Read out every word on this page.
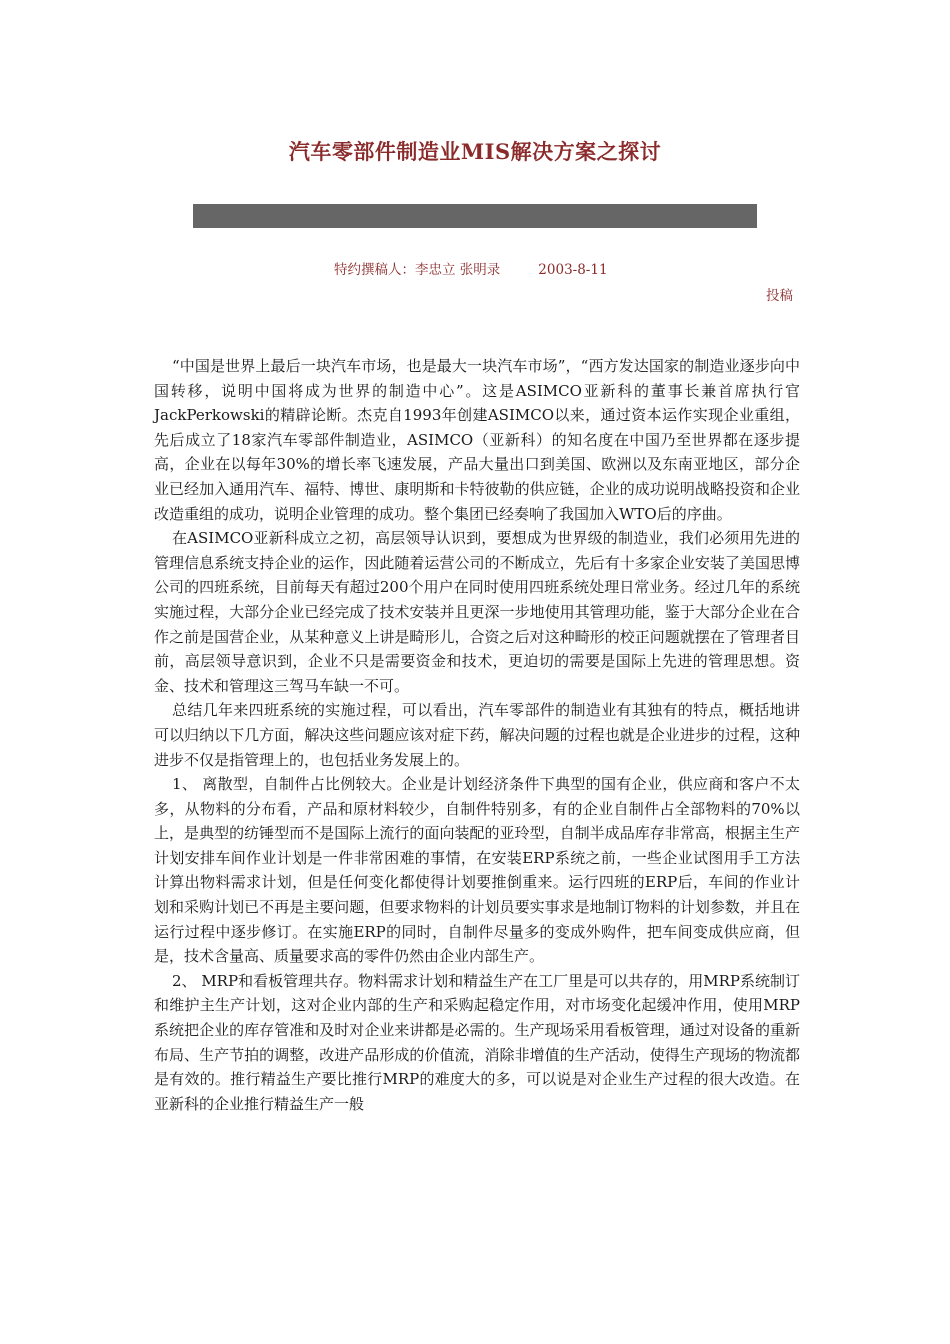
汽车零部件制造业MIS解决方案之探讨
特约撰稿人：李忠立 张明录	2003-8-11
投稿

“中国是世界上最后一块汽车市场，也是最大一块汽车市场”，“西方发达国家的制造业逐步向中国转移，说明中国将成为世界的制造中心”。这是ASIMCO亚新科的董事长兼首席执行官JackPerkowski的精辟论断。杰克自1993年创建ASIMCO以来，通过资本运作实现企业重组，先后成立了18家汽车零部件制造业，ASIMCO（亚新科）的知名度在中国乃至世界都在逐步提高，企业在以每年30%的增长率飞速发展，产品大量出口到美国、欧洲以及东南亚地区，部分企业已经加入通用汽车、福特、博世、康明斯和卡特彼勒的供应链，企业的成功说明战略投资和企业改造重组的成功，说明企业管理的成功。整个集团已经奏响了我国加入WTO后的序曲。

在ASIMCO亚新科成立之初，高层领导认识到，要想成为世界级的制造业，我们必须用先进的管理信息系统支持企业的运作，因此随着运营公司的不断成立，先后有十多家企业安装了美国思博公司的四班系统，目前每天有超过200个用户在同时使用四班系统处理日常业务。经过几年的系统实施过程，大部分企业已经完成了技术安装并且更深一步地使用其管理功能，鉴于大部分企业在合作之前是国营企业，从某种意义上讲是畸形儿，合资之后对这种畸形的校正问题就摆在了管理者目前，高层领导意识到，企业不只是需要资金和技术，更迫切的需要是国际上先进的管理思想。资金、技术和管理这三驾马车缺一不可。

总结几年来四班系统的实施过程，可以看出，汽车零部件的制造业有其独有的特点，概括地讲可以归纳以下几方面，解决这些问题应该对症下药，解决问题的过程也就是企业进步的过程，这种进步不仅是指管理上的，也包括业务发展上的。

1、 离散型，自制件占比例较大。企业是计划经济条件下典型的国有企业，供应商和客户不太多，从物料的分布看，产品和原材料较少，自制件特别多，有的企业自制件占全部物料的70%以上，是典型的纺锤型而不是国际上流行的面向装配的亚玲型，自制半成品库存非常高，根据主生产计划安排车间作业计划是一件非常困难的事情，在安装ERP系统之前，一些企业试图用手工方法计算出物料需求计划，但是任何变化都使得计划要推倒重来。运行四班的ERP后，车间的作业计划和采购计划已不再是主要问题，但要求物料的计划员要实事求是地制订物料的计划参数，并且在运行过程中逐步修订。在实施ERP的同时，自制件尽量多的变成外购件，把车间变成供应商，但是，技术含量高、质量要求高的零件仍然由企业内部生产。

2、 MRP和看板管理共存。物料需求计划和精益生产在工厂里是可以共存的，用MRP系统制订和维护主生产计划，这对企业内部的生产和采购起稳定作用，对市场变化起缓冲作用，使用MRP系统把企业的库存管准和及时对企业来讲都是必需的。生产现场采用看板管理，通过对设备的重新布局、生产节拍的调整，改进产品形成的价值流，消除非增值的生产活动，使得生产现场的物流都是有效的。推行精益生产要比推行MRP的难度大的多，可以说是对企业生产过程的很大改造。在亚新科的企业推行精益生产一般
